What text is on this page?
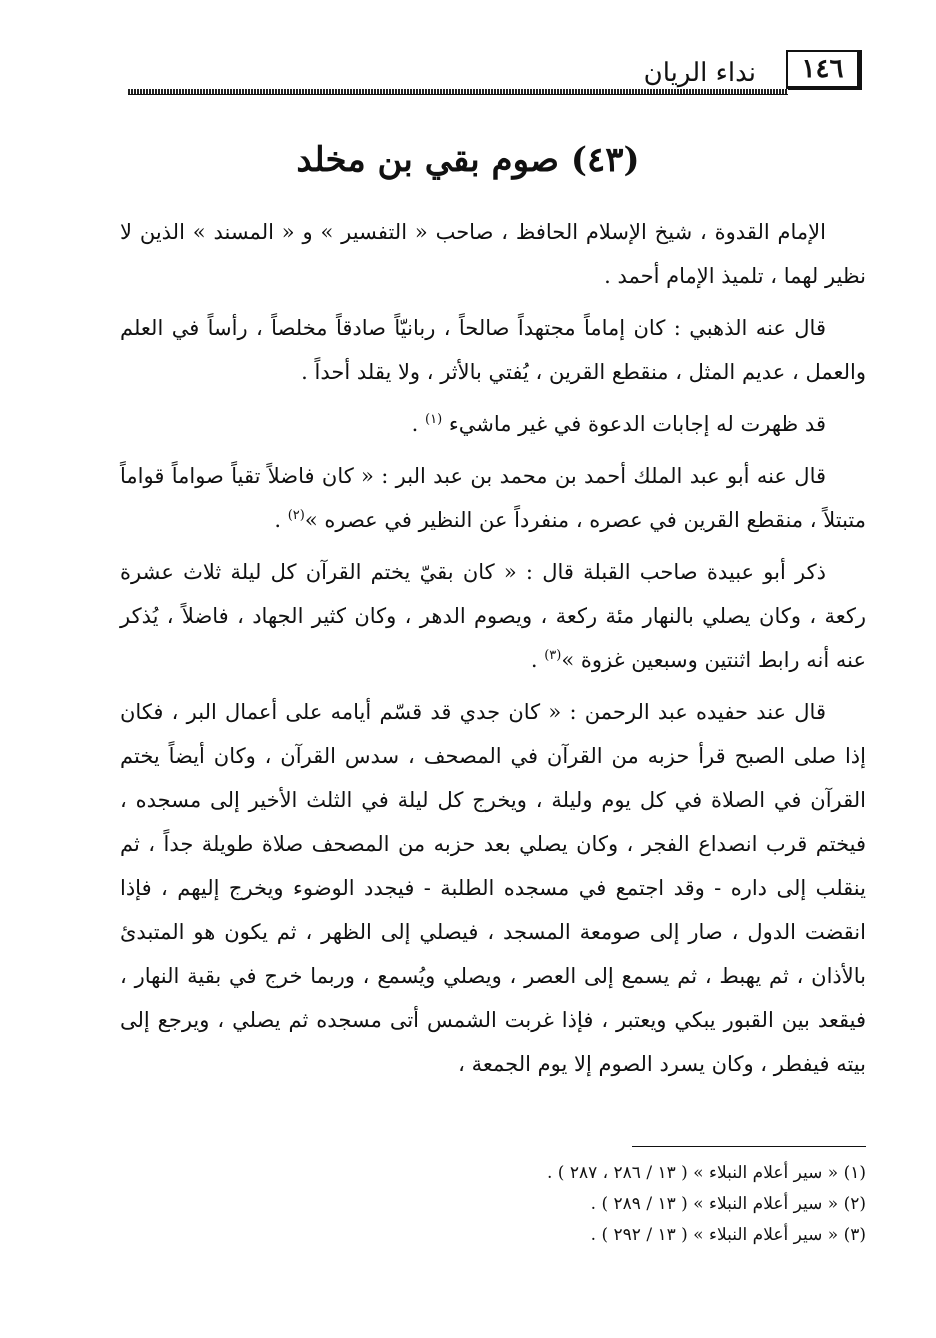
١٤٦
نداء الريان
(٤٣) صوم بقي بن مخلد

الإمام القدوة ، شيخ الإسلام الحافظ ، صاحب « التفسير » و « المسند » الذين لا نظير لهما ، تلميذ الإمام أحمد .

قال عنه الذهبي : كان إماماً مجتهداً صالحاً ، ربانيّاً صادقاً مخلصاً ، رأساً في العلم والعمل ، عديم المثل ، منقطع القرين ، يُفتي بالأثر ، ولا يقلد أحداً .

قد ظهرت له إجابات الدعوة في غير ماشيء $^{(١)}$ .

قال عنه أبو عبد الملك أحمد بن محمد بن عبد البر : « كان فاضلاً تقياً صواماً قواماً متبتلاً ، منقطع القرين في عصره ، منفرداً عن النظير في عصره »$^{(٢)}$ .

ذكر أبو عبيدة صاحب القبلة قال : « كان بقيّ يختم القرآن كل ليلة ثلاث عشرة ركعة ، وكان يصلي بالنهار مئة ركعة ، ويصوم الدهر ، وكان كثير الجهاد ، فاضلاً ، يُذكر عنه أنه رابط اثنتين وسبعين غزوة »$^{(٣)}$ .

قال عند حفيده عبد الرحمن : « كان جدي قد قسّم أيامه على أعمال البر ، فكان إذا صلى الصبح قرأ حزبه من القرآن في المصحف ، سدس القرآن ، وكان أيضاً يختم القرآن في الصلاة في كل يوم وليلة ، ويخرج كل ليلة في الثلث الأخير إلى مسجده ، فيختم قرب انصداع الفجر ، وكان يصلي بعد حزبه من المصحف صلاة طويلة جداً ، ثم ينقلب إلى داره - وقد اجتمع في مسجده الطلبة - فيجدد الوضوء ويخرج إليهم ، فإذا انقضت الدول ، صار إلى صومعة المسجد ، فيصلي إلى الظهر ، ثم يكون هو المتبدئ بالأذان ، ثم يهبط ، ثم يسمع إلى العصر ، ويصلي ويُسمع ، وربما خرج في بقية النهار ، فيقعد بين القبور يبكي ويعتبر ، فإذا غربت الشمس أتى مسجده ثم يصلي ، ويرجع إلى بيته فيفطر ، وكان يسرد الصوم إلا يوم الجمعة ،

(١) « سير أعلام النبلاء » ( ١٣ / ٢٨٦ ، ٢٨٧ ) .
(٢) « سير أعلام النبلاء » ( ١٣ / ٢٨٩ ) .
(٣) « سير أعلام النبلاء » ( ١٣ / ٢٩٢ ) .
